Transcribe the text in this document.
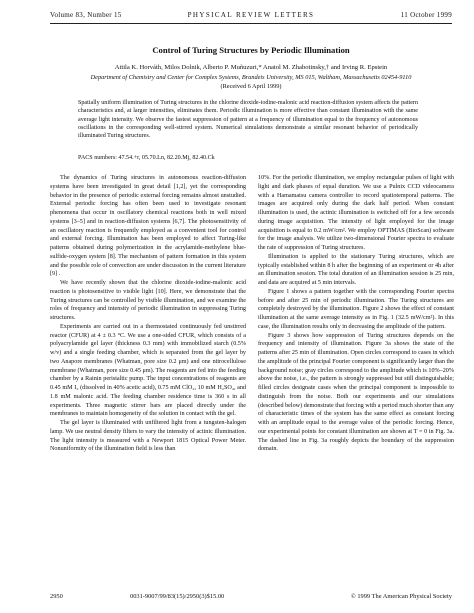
Volume 83, Number 15	PHYSICAL REVIEW LETTERS	11 October 1999
Control of Turing Structures by Periodic Illumination
Attila K. Horváth, Milos Dolnik, Alberto P. Muñuzuri,* Anatol M. Zhabotinsky,† and Irving R. Epstein
Department of Chemistry and Center for Complex Systems, Brandeis University, MS 015, Waltham, Massachusetts 02454-9110
(Received 6 April 1999)
Spatially uniform illumination of Turing structures in the chlorine dioxide-iodine-malonic acid reaction-diffusion system affects the pattern characteristics and, at larger intensities, eliminates them. Periodic illumination is more effective than constant illumination with the same average light intensity. We observe the fastest suppression of pattern at a frequency of illumination equal to the frequency of autonomous oscillations in the corresponding well-stirred system. Numerical simulations demonstrate a similar resonant behavior of periodically illuminated Turing structures.
PACS numbers: 47.54.+r, 05.70.Ln, 82.20.Mj, 82.40.Ck

The dynamics of Turing structures in autonomous reaction-diffusion systems have been investigated in great detail [1,2], yet the corresponding behavior in the presence of periodic external forcing remains almost unstudied. External periodic forcing has often been used to investigate resonant phenomena that occur in oscillatory chemical reactions both in well mixed systems [3–5] and in reaction-diffusion systems [6,7]. The photosensitivity of an oscillatory reaction is frequently employed as a convenient tool for control and external forcing. Illumination has been employed to affect Turing-like patterns obtained during polymerization in the acrylamide-methylene blue-sulfide-oxygen system [8]. The mechanism of pattern formation in this system and the possible role of convection are under discussion in the current literature [9] .

We have recently shown that the chlorine dioxide-iodine-malonic acid reaction is photosensitive to visible light [10]. Here, we demonstrate that the Turing structures can be controlled by visible illumination, and we examine the roles of frequency and intensity of periodic illumination in suppressing Turing structures.

Experiments are carried out in a thermostated continuously fed unstirred reactor (CFUR) at 4 ± 0.3 °C. We use a one-sided CFUR, which consists of a polyacrylamide gel layer (thickness 0.3 mm) with immobilized starch (0.5% w/v) and a single feeding chamber, which is separated from the gel layer by two Anapore membranes (Whatman, pore size 0.2 μm) and one nitrocellulose membrane (Whatman, pore size 0.45 μm). The reagents are fed into the feeding chamber by a Rainin peristaltic pump. The input concentrations of reagents are 0.45 mM I₂ (dissolved in 40% acetic acid), 0.75 mM ClO₂, 10 mM H₂SO₄, and 1.8 mM malonic acid. The feeding chamber residence time is 360 s in all experiments. Three magnetic stirrer bars are placed directly under the membranes to maintain homogeneity of the solution in contact with the gel.

The gel layer is illuminated with unfiltered light from a tungsten-halogen lamp. We use neutral density filters to vary the intensity of actinic illumination. The light intensity is measured with a Newport 1815 Optical Power Meter. Nonuniformity of the illumination field is less than

10%. For the periodic illumination, we employ rectangular pulses of light with light and dark phases of equal duration. We use a Pulnix CCD videocamera with a Hamamatsu camera controller to record spatiotemporal patterns. The images are acquired only during the dark half period. When constant illumination is used, the actinic illumination is switched off for a few seconds during image acquisition. The intensity of light employed for the image acquisition is equal to 0.2 mW/cm². We employ OPTIMAS (BioScan) software for the image analysis. We utilize two-dimensional Fourier spectra to evaluate the rate of suppression of Turing structures.

Illumination is applied to the stationary Turing structures, which are typically established within 8 h after the beginning of an experiment or 4h after an illumination session. The total duration of an illumination session is 25 min, and data are acquired at 5 min intervals.

Figure 1 shows a pattern together with the corresponding Fourier spectra before and after 25 min of periodic illumination. The Turing structures are completely destroyed by the illumination. Figure 2 shows the effect of constant illumination at the same average intensity as in Fig. 1 (32.5 mW/cm²). In this case, the illumination results only in decreasing the amplitude of the pattern.

Figure 3 shows how suppression of Turing structures depends on the frequency and intensity of illumination. Figure 3a shows the state of the patterns after 25 min of illumination. Open circles correspond to cases in which the amplitude of the principal Fourier component is significantly larger than the background noise; gray circles correspond to the amplitude which is 10%–20% above the noise, i.e., the pattern is strongly suppressed but still distinguishable; filled circles designate cases when the principal component is impossible to distinguish from the noise. Both our experiments and our simulations (described below) demonstrate that forcing with a period much shorter than any of characteristic times of the system has the same effect as constant forcing with an amplitude equal to the average value of the periodic forcing. Hence, our experimental points for constant illumination are shown at T = 0 in Fig. 3a. The dashed line in Fig. 3a roughly depicts the boundary of the suppression domain.

2950	0031-9007/99/83(15)/2950(3)$15.00	© 1999 The American Physical Society
